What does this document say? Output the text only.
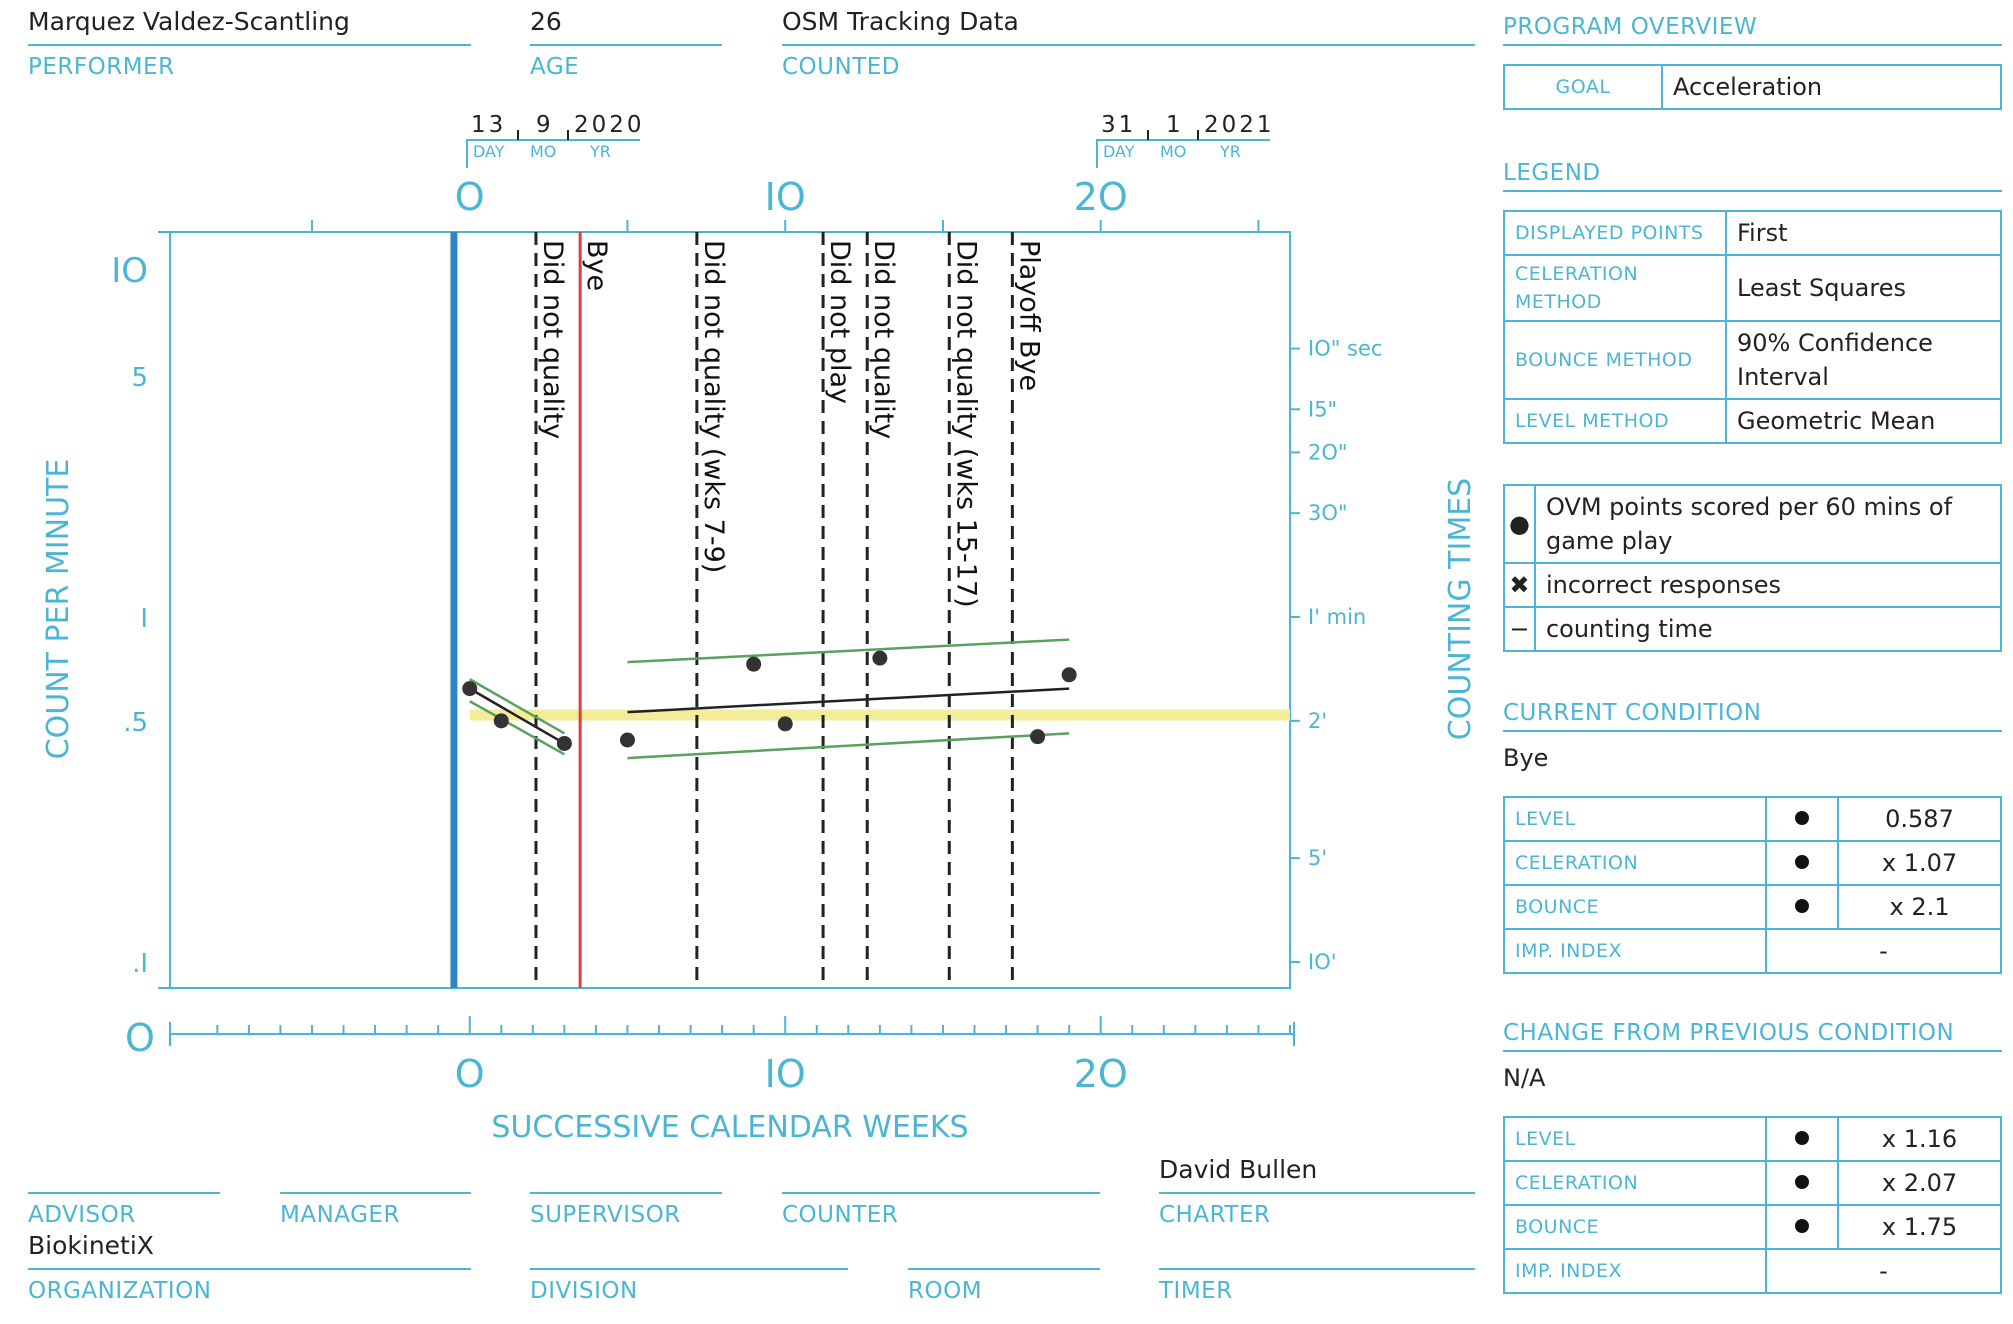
Marquez Valdez-Scantling
PERFORMER
26
AGE
OSM Tracking Data
COUNTED
13 9 2020
DAY MO YR
31 1 2021
DAY MO YR
O
SUCCESSIVE CALENDAR WEEKS
COUNT PER MINUTE	COUNTING TIMES
IO
5
I
.5
.I
IO" sec
I5"
2O"
3O"
I' min
2'
5'
IO'
O
O
IO
IO
2O
2O
Did not quality	Did not quality (wks 7-9)	Did not play Did not quality Did not quality (wks 15-17) Playoff Bye
Bye
PROGRAM OVERVIEW
GOAL	Acceleration
LEGEND
DISPLAYED POINTS	First
CELERATION METHOD	Least Squares
BOUNCE METHOD	90% Confidence Interval
LEVEL METHOD	Geometric Mean
●	OVM points scored per 60 mins of game play
✖	incorrect responses
−	counting time
CURRENT CONDITION
Bye
LEVEL		0.587
CELERATION		x 1.07
BOUNCE		x 2.1
IMP. INDEX	-	
CHANGE FROM PREVIOUS CONDITION
N/A
LEVEL		x 1.16
CELERATION		x 2.07
BOUNCE		x 1.75
IMP. INDEX	-	
ADVISOR	MANAGER	SUPERVISOR	COUNTER
David Bullen
CHARTER
BiokinetiX
ORGANIZATION	DIVISION	ROOM	TIMER
